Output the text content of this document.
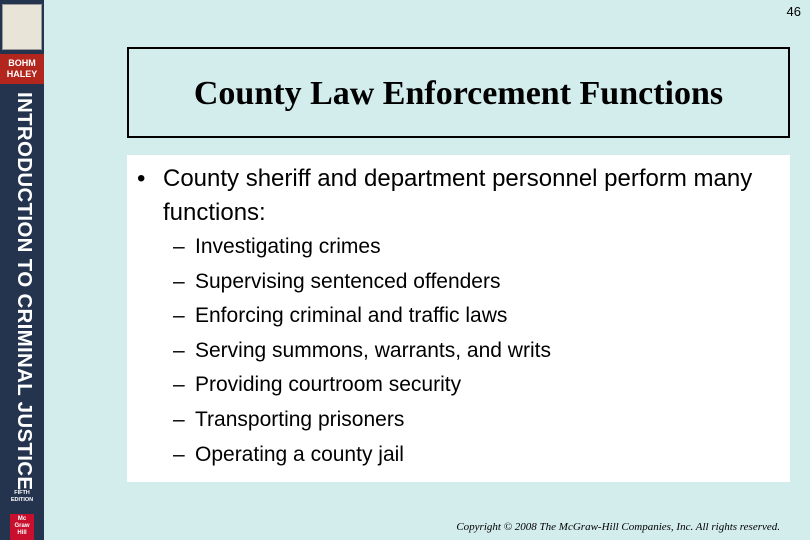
BOHM
HALEY
INTRODUCTION TO CRIMINAL JUSTICE
FIFTH
EDITION
Mc
Graw
Hill
46
County Law Enforcement Functions
• County sheriff and department personnel perform many functions:
– Investigating crimes
– Supervising sentenced offenders
– Enforcing criminal and traffic laws
– Serving summons, warrants, and writs
– Providing courtroom security
– Transporting prisoners
– Operating a county jail
Copyright © 2008 The McGraw-Hill Companies, Inc. All rights reserved.
